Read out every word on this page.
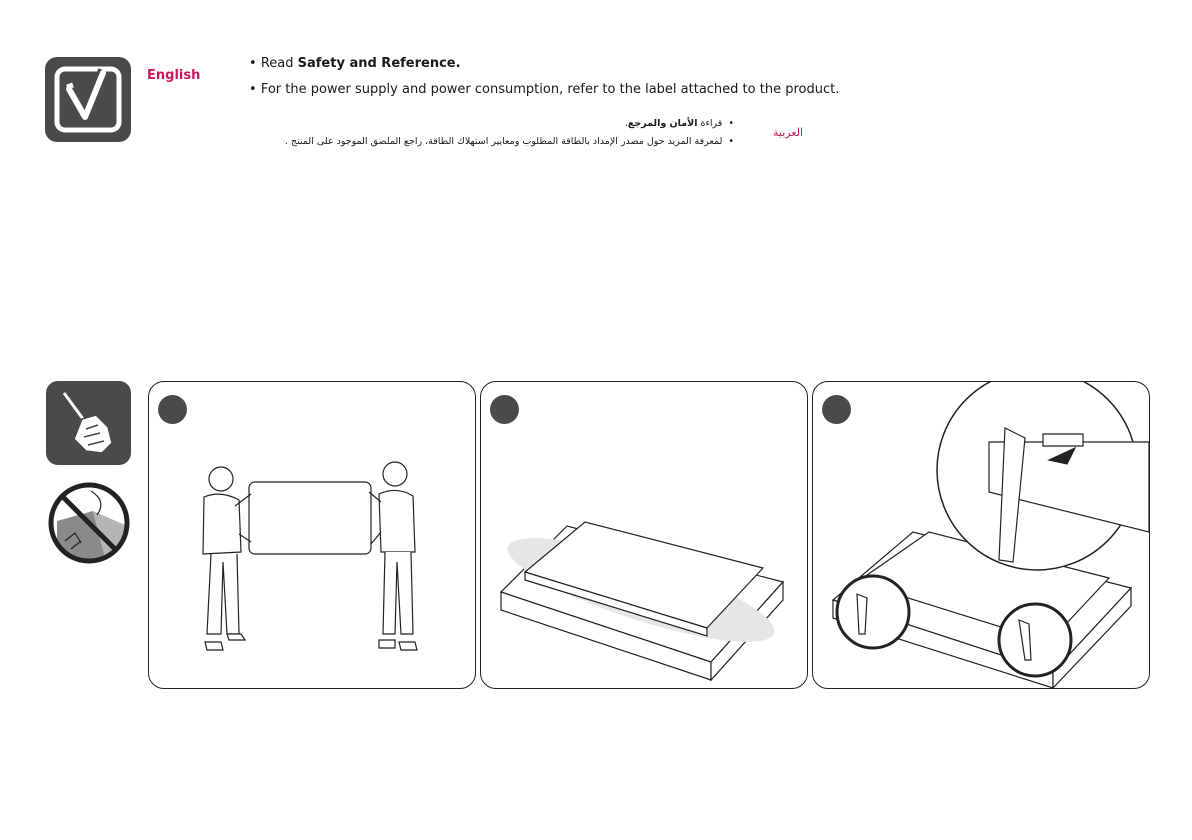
English
• Read Safety and Reference.
• For the power supply and power consumption, refer to the label attached to the product.
العربية
•  قراءة الأمان والمرجع.
•  لمعرفة المزيد حول مصدر الإمداد بالطاقة المطلوب ومعايير استهلاك الطاقة، راجع الملصق الموجود على المنتج .
